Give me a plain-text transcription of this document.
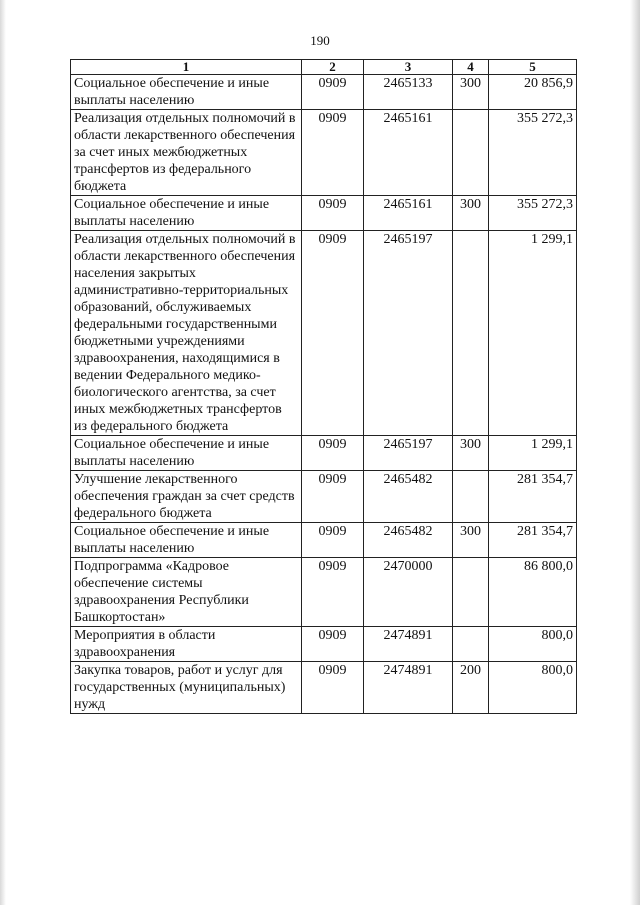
190
1	2	3	4	5

Социальное обеспечение и иные выплаты населению	0909	2465133	300	20 856,9

Реализация отдельных полномочий в области лекарственного обеспечения за счет иных межбюджетных трансфертов из федерального бюджета	0909	2465161		355 272,3

Социальное обеспечение и иные выплаты населению	0909	2465161	300	355 272,3

Реализация отдельных полномочий в области лекарственного обеспечения населения закрытых административно-территориальных образований, обслуживаемых федеральными государственными бюджетными учреждениями здравоохранения, находящимися в ведении Федерального медико-биологического агентства, за счет иных межбюджетных трансфертов из федерального бюджета	0909	2465197		1 299,1

Социальное обеспечение и иные выплаты населению	0909	2465197	300	1 299,1

Улучшение лекарственного обеспечения граждан за счет средств федерального бюджета	0909	2465482		281 354,7

Социальное обеспечение и иные выплаты населению	0909	2465482	300	281 354,7

Подпрограмма «Кадровое обеспечение системы здравоохранения Республики Башкортостан»	0909	2470000		86 800,0

Мероприятия в области здравоохранения	0909	2474891		800,0

Закупка товаров, работ и услуг для государственных (муниципальных) нужд	0909	2474891	200	800,0
